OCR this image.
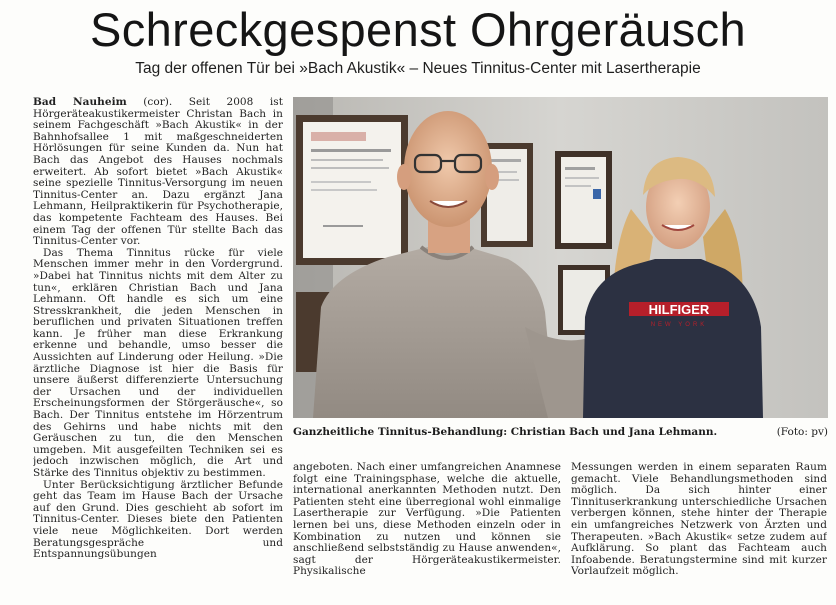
Schreckgespenst Ohrgeräusch
Tag der offenen Tür bei »Bach Akustik« – Neues Tinnitus-Center mit Lasertherapie

Bad Nauheim (cor). Seit 2008 ist Hörgeräteakustikermeister Christan Bach in seinem Fachgeschäft »Bach Akustik« in der Bahnhofsallee 1 mit maßgeschneiderten Hörlösungen für seine Kunden da. Nun hat Bach das Angebot des Hauses nochmals erweitert. Ab sofort bietet »Bach Akustik« seine spezielle Tinnitus-Versorgung im neuen Tinnitus-Center an. Dazu ergänzt Jana Lehmann, Heilpraktikerin für Psychotherapie, das kompetente Fachteam des Hauses. Bei einem Tag der offenen Tür stellte Bach das Tinnitus-Center vor.

Das Thema Tinnitus rücke für viele Menschen immer mehr in den Vordergrund. »Dabei hat Tinnitus nichts mit dem Alter zu tun«, erklären Christian Bach und Jana Lehmann. Oft handle es sich um eine Stresskrankheit, die jeden Menschen in beruflichen und privaten Situationen treffen kann. Je früher man diese Erkrankung erkenne und behandle, umso besser die Aussichten auf Linderung oder Heilung. »Die ärztliche Diagnose ist hier die Basis für unsere äußerst differenzierte Untersuchung der Ursachen und der individuellen Erscheinungsformen der Störgeräusche«, so Bach. Der Tinnitus entstehe im Hörzentrum des Gehirns und habe nichts mit den Geräuschen zu tun, die den Menschen umgeben. Mit ausgefeilten Techniken sei es jedoch inzwischen möglich, die Art und Stärke des Tinnitus objektiv zu bestimmen.

Unter Berücksichtigung ärztlicher Befunde geht das Team im Hause Bach der Ursache auf den Grund. Dies geschieht ab sofort im Tinnitus-Center. Dieses biete den Patienten viele neue Möglichkeiten. Dort werden Beratungsgespräche und Entspannungsübungen

HILFIGER
NEW YORK
Ganzheitliche Tinnitus-Behandlung: Christian Bach und Jana Lehmann.	(Foto: pv)

angeboten. Nach einer umfangreichen Anamnese folgt eine Trainingsphase, welche die aktuelle, international anerkannten Methoden nutzt. Den Patienten steht eine überregional wohl einmalige Lasertherapie zur Verfügung. »Die Patienten lernen bei uns, diese Methoden einzeln oder in Kombination zu nutzen und können sie anschließend selbstständig zu Hause anwenden«, sagt der Hörgeräteakustikermeister. Physikalische

Messungen werden in einem separaten Raum gemacht. Viele Behandlungsmethoden sind möglich. Da sich hinter einer Tinnituserkrankung unterschiedliche Ursachen verbergen können, stehe hinter der Therapie ein umfangreiches Netzwerk von Ärzten und Therapeuten. »Bach Akustik« setze zudem auf Aufklärung. So plant das Fachteam auch Infoabende. Beratungstermine sind mit kurzer Vorlaufzeit möglich.
